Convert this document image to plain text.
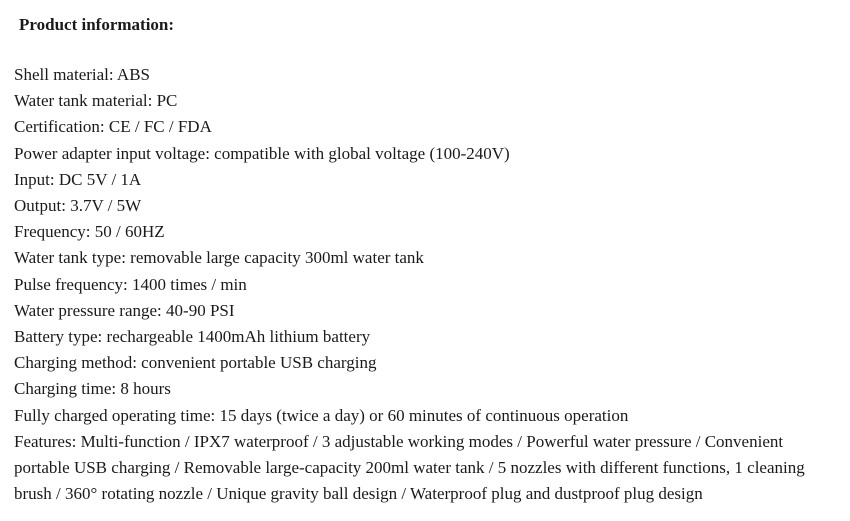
Product information:
Shell material: ABS
Water tank material: PC
Certification: CE / FC / FDA
Power adapter input voltage: compatible with global voltage (100-240V)
Input: DC 5V / 1A
Output: 3.7V / 5W
Frequency: 50 / 60HZ
Water tank type: removable large capacity 300ml water tank
Pulse frequency: 1400 times / min
Water pressure range: 40-90 PSI
Battery type: rechargeable 1400mAh lithium battery
Charging method: convenient portable USB charging
Charging time: 8 hours
Fully charged operating time: 15 days (twice a day) or 60 minutes of continuous operation

Features: Multi-function / IPX7 waterproof / 3 adjustable working modes / Powerful water pressure / Convenient portable USB charging / Removable large-capacity 200ml water tank / 5 nozzles with different functions, 1 cleaning brush / 360° rotating nozzle / Unique gravity ball design / Waterproof plug and dustproof plug design
